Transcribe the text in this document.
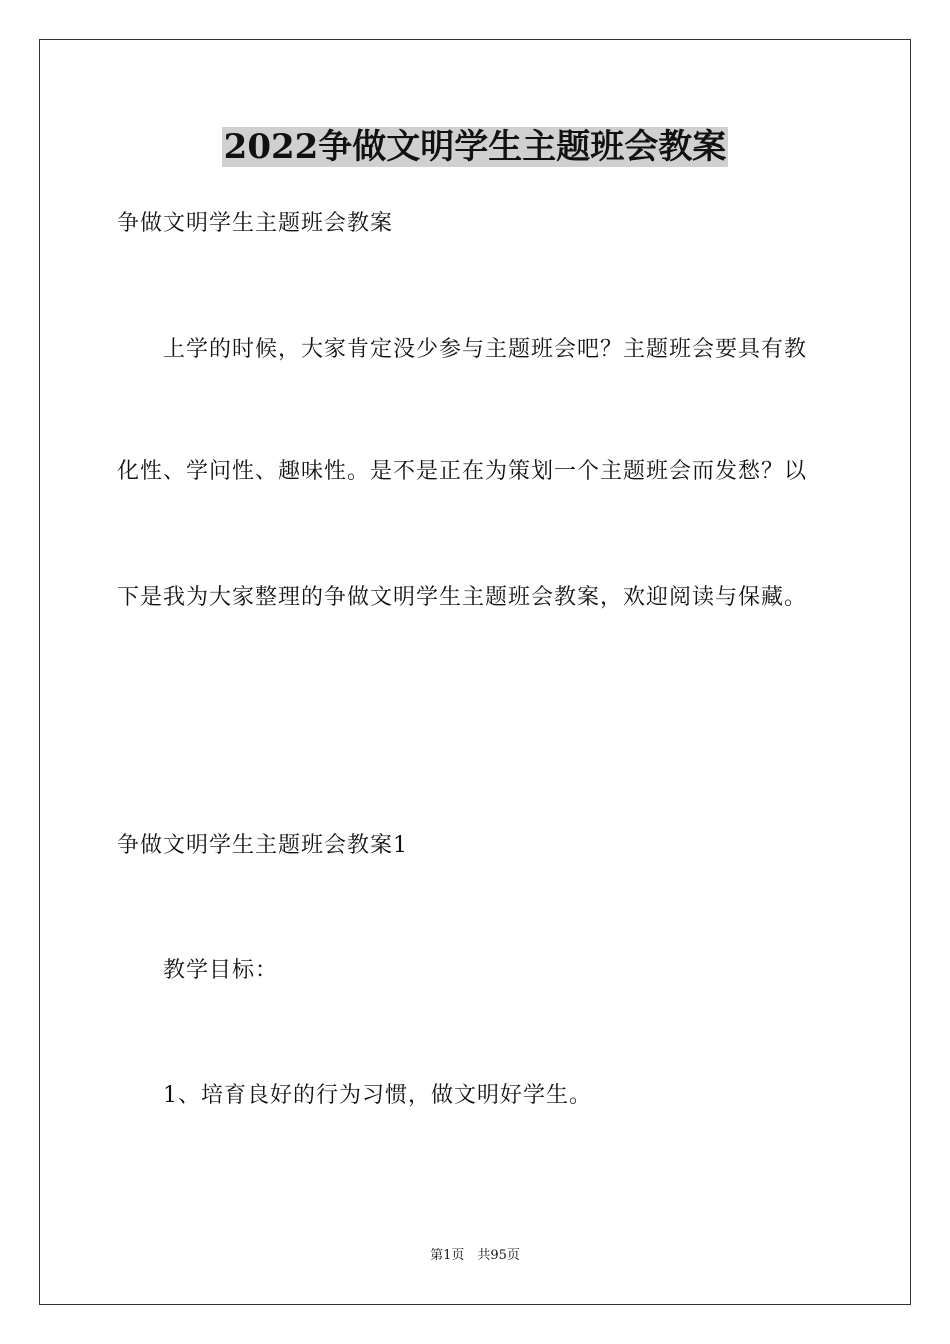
2022争做文明学生主题班会教案
争做文明学生主题班会教案
上学的时候，大家肯定没少参与主题班会吧？主题班会要具有教
化性、学问性、趣味性。是不是正在为策划一个主题班会而发愁？以
下是我为大家整理的争做文明学生主题班会教案，欢迎阅读与保藏。
争做文明学生主题班会教案1
教学目标：
1、培育良好的行为习惯，做文明好学生。
第1页　共95页
